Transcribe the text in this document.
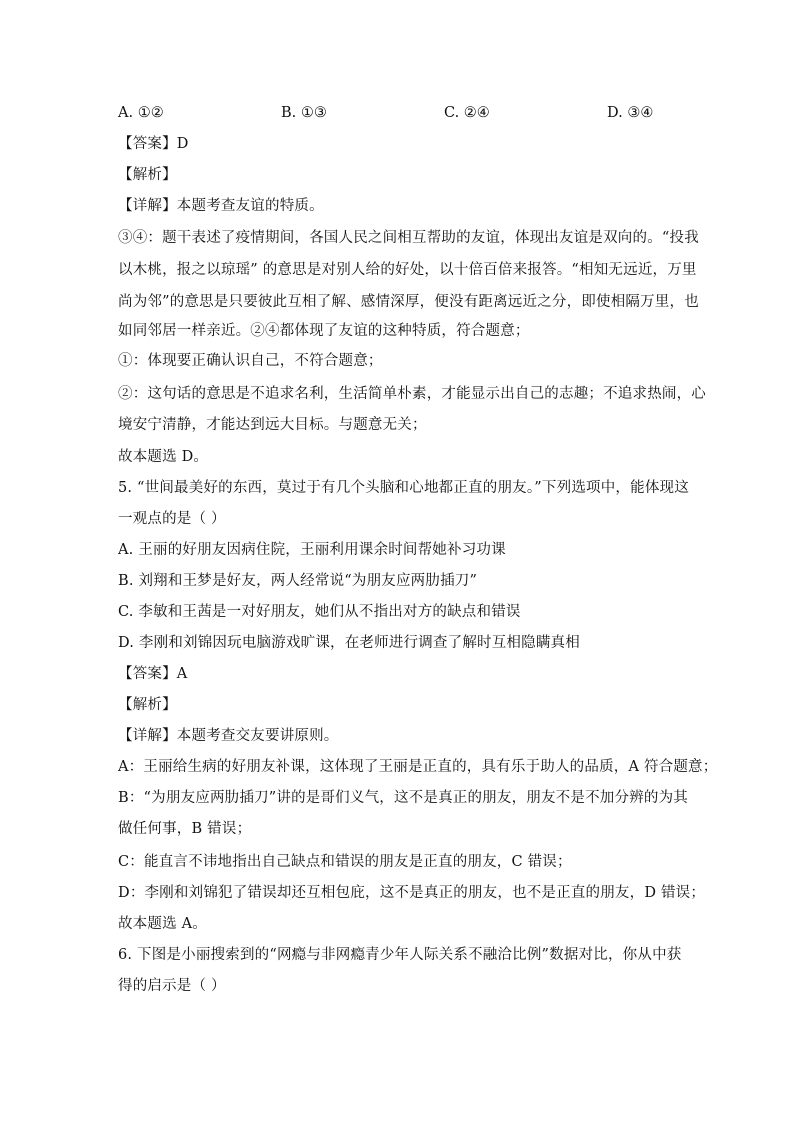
A. ①②	B. ①③	C. ②④	D. ③④
【答案】D
【解析】
【详解】本题考查友谊的特质。
③④：题干表述了疫情期间，各国人民之间相互帮助的友谊，体现出友谊是双向的。“投我
以木桃，报之以琼瑶” 的意思是对别人给的好处，以十倍百倍来报答。“相知无远近，万里
尚为邻”的意思是只要彼此互相了解、感情深厚，便没有距离远近之分，即使相隔万里，也
如同邻居一样亲近。②④都体现了友谊的这种特质，符合题意；
①：体现要正确认识自己，不符合题意；
②：这句话的意思是不追求名利，生活简单朴素，才能显示出自己的志趣；不追求热闹，心
境安宁清静，才能达到远大目标。与题意无关；
故本题选 D。
5. “世间最美好的东西，莫过于有几个头脑和心地都正直的朋友。”下列选项中，能体现这
一观点的是（ ）
A. 王丽的好朋友因病住院，王丽利用课余时间帮她补习功课
B. 刘翔和王梦是好友，两人经常说“为朋友应两肋插刀”
C. 李敏和王茜是一对好朋友，她们从不指出对方的缺点和错误
D. 李刚和刘锦因玩电脑游戏旷课，在老师进行调查了解时互相隐瞒真相
【答案】A
【解析】
【详解】本题考查交友要讲原则。
A：王丽给生病的好朋友补课，这体现了王丽是正直的，具有乐于助人的品质，A 符合题意；
B：“为朋友应两肋插刀”讲的是哥们义气，这不是真正的朋友，朋友不是不加分辨的为其
做任何事，B 错误；
C：能直言不讳地指出自己缺点和错误的朋友是正直的朋友，C 错误；
D：李刚和刘锦犯了错误却还互相包庇，这不是真正的朋友，也不是正直的朋友，D 错误；
故本题选 A。
6. 下图是小丽搜索到的“网瘾与非网瘾青少年人际关系不融洽比例”数据对比，你从中获
得的启示是（ ）
